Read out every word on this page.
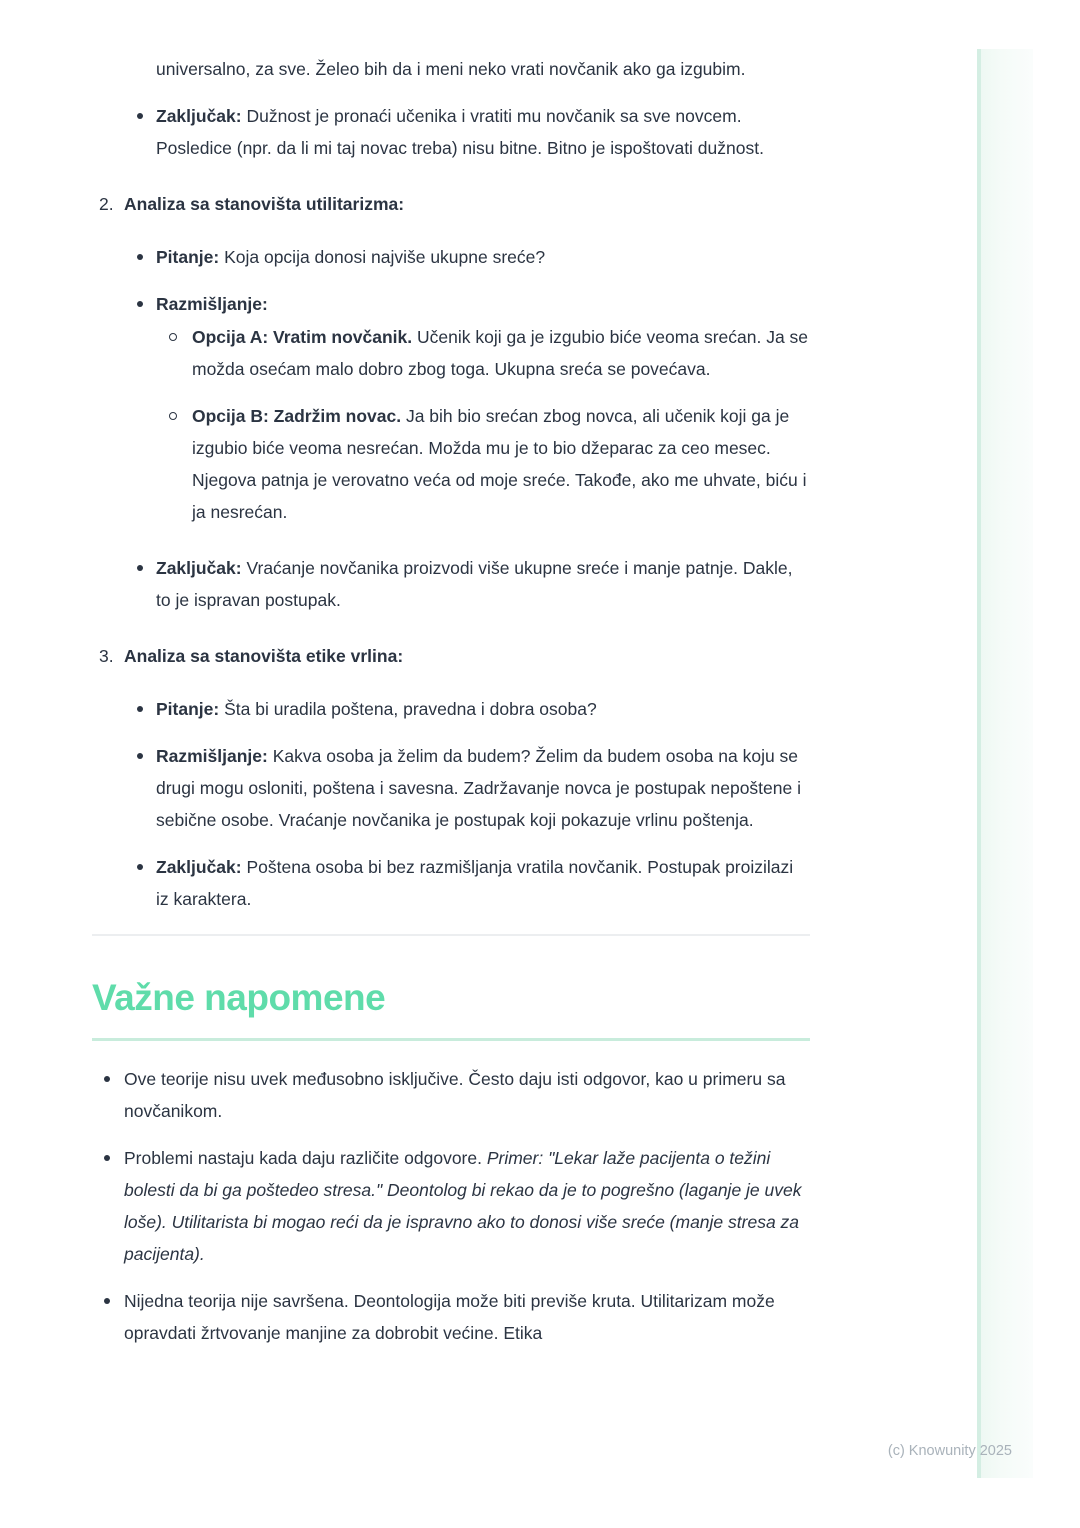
universalno, za sve. Želeo bih da i meni neko vrati novčanik ako ga izgubim.
Zaključak: Dužnost je pronaći učenika i vratiti mu novčanik sa sve novcem. Posledice (npr. da li mi taj novac treba) nisu bitne. Bitno je ispoštovati dužnost.
2. Analiza sa stanovišta utilitarizma:
Pitanje: Koja opcija donosi najviše ukupne sreće?
Razmišljanje:
Opcija A: Vratim novčanik. Učenik koji ga je izgubio biće veoma srećan. Ja se možda osećam malo dobro zbog toga. Ukupna sreća se povećava.
Opcija B: Zadržim novac. Ja bih bio srećan zbog novca, ali učenik koji ga je izgubio biće veoma nesrećan. Možda mu je to bio džeparac za ceo mesec. Njegova patnja je verovatno veća od moje sreće. Takođe, ako me uhvate, biću i ja nesrećan.
Zaključak: Vraćanje novčanika proizvodi više ukupne sreće i manje patnje. Dakle, to je ispravan postupak.
3. Analiza sa stanovišta etike vrlina:
Pitanje: Šta bi uradila poštena, pravedna i dobra osoba?
Razmišljanje: Kakva osoba ja želim da budem? Želim da budem osoba na koju se drugi mogu osloniti, poštena i savesna. Zadržavanje novca je postupak nepoštene i sebične osobe. Vraćanje novčanika je postupak koji pokazuje vrlinu poštenja.
Zaključak: Poštena osoba bi bez razmišljanja vratila novčanik. Postupak proizilazi iz karaktera.
Važne napomene
Ove teorije nisu uvek međusobno isključive. Često daju isti odgovor, kao u primeru sa novčanikom.
Problemi nastaju kada daju različite odgovore. Primer: "Lekar laže pacijenta o težini bolesti da bi ga poštedeo stresa." Deontolog bi rekao da je to pogrešno (laganje je uvek loše). Utilitarista bi mogao reći da je ispravno ako to donosi više sreće (manje stresa za pacijenta).
Nijedna teorija nije savršena. Deontologija može biti previše kruta. Utilitarizam može opravdati žrtvovanje manjine za dobrobit većine. Etika
(c) Knowunity 2025
